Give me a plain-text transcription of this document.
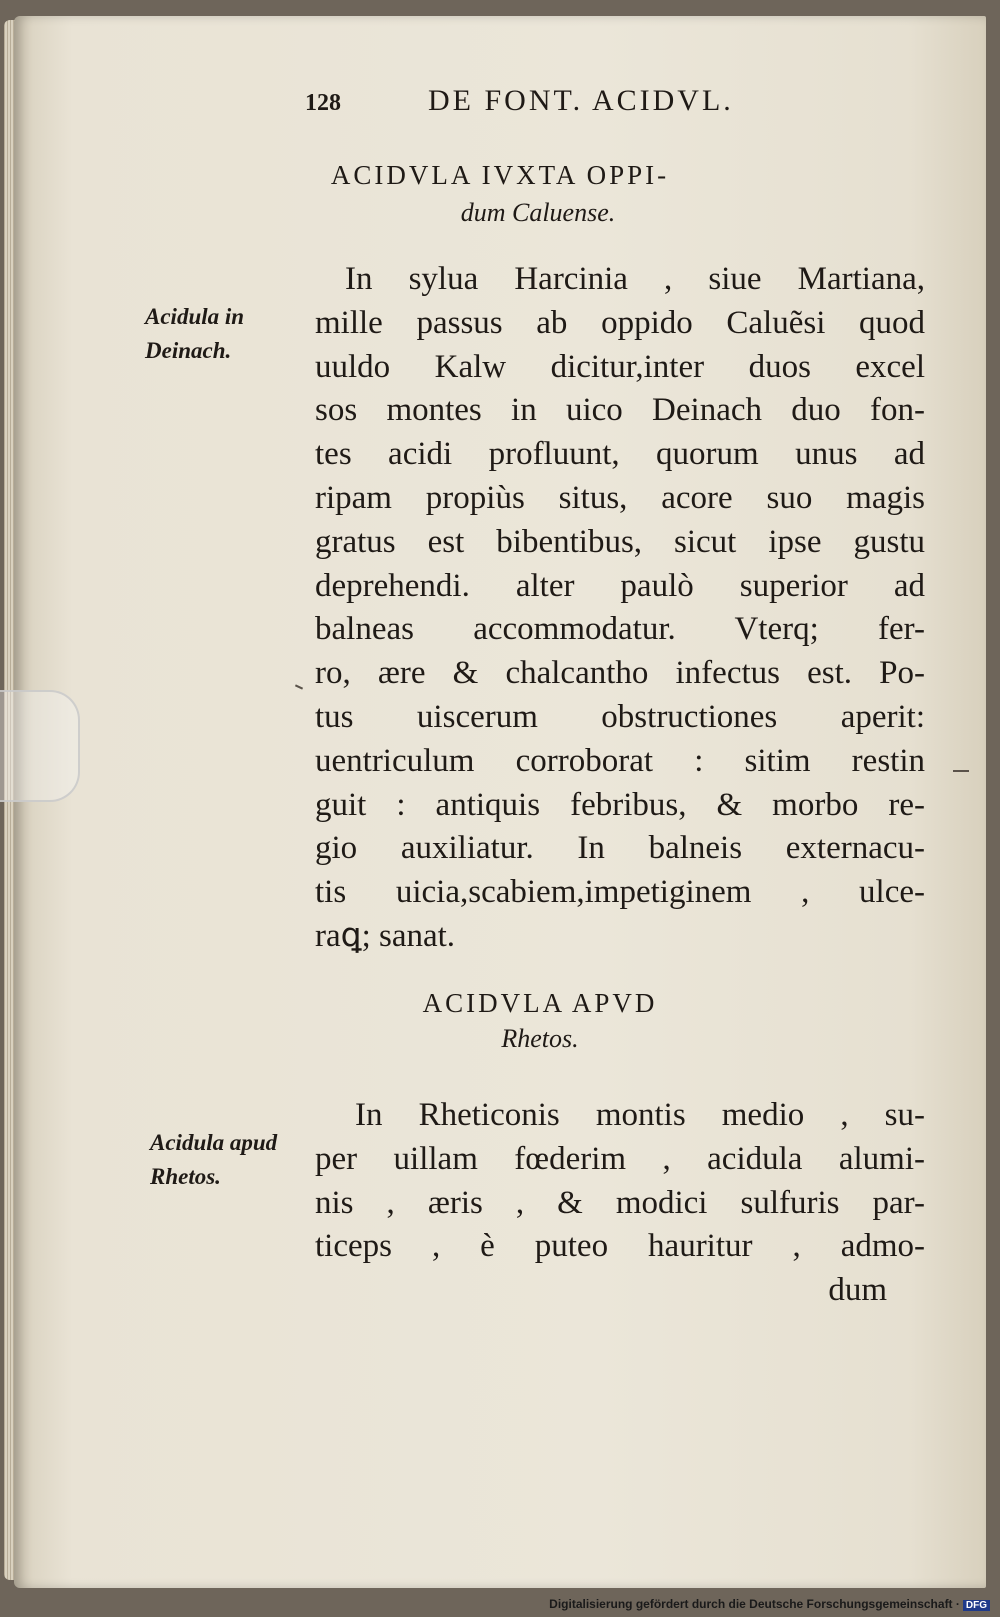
128	DE FONT. ACIDVL.
ACIDVLA IVXTA OPPI-
dum Caluense.
Acidula in
Deinach.
In sylua Harcinia , siue Martiana,
mille passus ab oppido Caluẽsi quod
uuldo Kalw dicitur,inter duos excel
sos montes in uico Deinach duo fon-
tes acidi profluunt, quorum unus ad
ripam propiùs situs, acore suo magis
gratus est bibentibus, sicut ipse gustu
deprehendi. alter paulò superior ad
balneas accommodatur. Vterq; fer-
ro, ære & chalcantho infectus est. Po-
tus uiscerum obstructiones aperit:
uentriculum corroborat : sitim restin
guit : antiquis febribus, & morbo re-
gio auxiliatur. In balneis externacu-
tis uicia,scabiem,impetiginem , ulce-
raꝗ; sanat.
ACIDVLA APVD
Rhetos.
Acidula apud
Rhetos.
In Rheticonis montis medio , su-
per uillam fœderim , acidula alumi-
nis , æris , & modici sulfuris par-
ticeps , è puteo hauritur , admo-
dum
Digitalisierung gefördert durch die Deutsche Forschungsgemeinschaft · DFG
